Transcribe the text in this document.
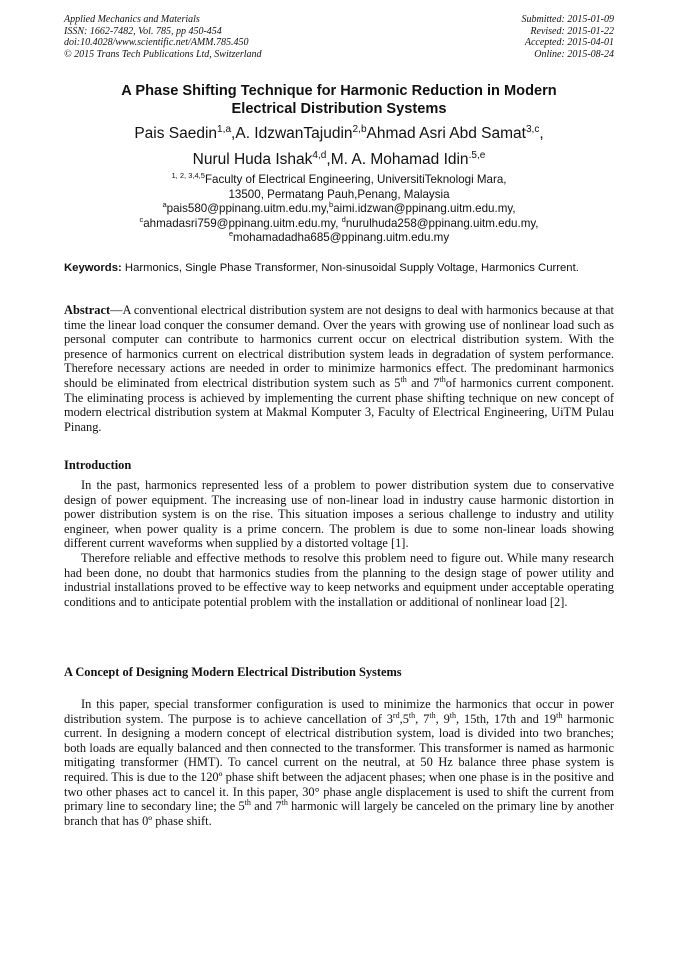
Applied Mechanics and Materials
ISSN: 1662-7482, Vol. 785, pp 450-454
doi:10.4028/www.scientific.net/AMM.785.450
© 2015 Trans Tech Publications Ltd, Switzerland
Submitted: 2015-01-09
Revised: 2015-01-22
Accepted: 2015-04-01
Online: 2015-08-24
A Phase Shifting Technique for Harmonic Reduction in Modern
Electrical Distribution Systems
Pais Saedin$^{1,a}$,A. IdzwanTajudin$^{2,b}$Ahmad Asri Abd Samat$^{3,c}$,
Nurul Huda Ishak$^{4,d}$,M. A. Mohamad Idin$^{.5,e}$
$^{1, 2, 3,4,5}$Faculty of Electrical Engineering, UniversitiTeknologi Mara,
13500, Permatang Pauh,Penang, Malaysia
$^a$pais580@ppinang.uitm.edu.my,$^b$aimi.idzwan@ppinang.uitm.edu.my,
$^c$ahmadasri759@ppinang.uitm.edu.my, $^d$nurulhuda258@ppinang.uitm.edu.my,
$^e$mohamadadha685@ppinang.uitm.edu.my
Keywords: Harmonics, Single Phase Transformer, Non-sinusoidal Supply Voltage, Harmonics Current.
Abstract—A conventional electrical distribution system are not designs to deal with harmonics because at that time the linear load conquer the consumer demand. Over the years with growing use of nonlinear load such as personal computer can contribute to harmonics current occur on electrical distribution system. With the presence of harmonics current on electrical distribution system leads in degradation of system performance. Therefore necessary actions are needed in order to minimize harmonics effect. The predominant harmonics should be eliminated from electrical distribution system such as 5th and 7thof harmonics current component. The eliminating process is achieved by implementing the current phase shifting technique on new concept of modern electrical distribution system at Makmal Komputer 3, Faculty of Electrical Engineering, UiTM Pulau Pinang.
Introduction

In the past, harmonics represented less of a problem to power distribution system due to conservative design of power equipment. The increasing use of non-linear load in industry cause harmonic distortion in power distribution system is on the rise. This situation imposes a serious challenge to industry and utility engineer, when power quality is a prime concern. The problem is due to some non-linear loads showing different current waveforms when supplied by a distorted voltage [1].

Therefore reliable and effective methods to resolve this problem need to figure out. While many research had been done, no doubt that harmonics studies from the planning to the design stage of power utility and industrial installations proved to be effective way to keep networks and equipment under acceptable operating conditions and to anticipate potential problem with the installation or additional of nonlinear load [2].

A Concept of Designing Modern Electrical Distribution Systems

In this paper, special transformer configuration is used to minimize the harmonics that occur in power distribution system. The purpose is to achieve cancellation of 3rd,5th, 7th, 9th, 15th, 17th and 19th harmonic current. In designing a modern concept of electrical distribution system, load is divided into two branches; both loads are equally balanced and then connected to the transformer. This transformer is named as harmonic mitigating transformer (HMT). To cancel current on the neutral, at 50 Hz balance three phase system is required. This is due to the 120º phase shift between the adjacent phases; when one phase is in the positive and two other phases act to cancel it. In this paper, 30° phase angle displacement is used to shift the current from primary line to secondary line; the 5th and 7th harmonic will largely be canceled on the primary line by another branch that has 0º phase shift.
